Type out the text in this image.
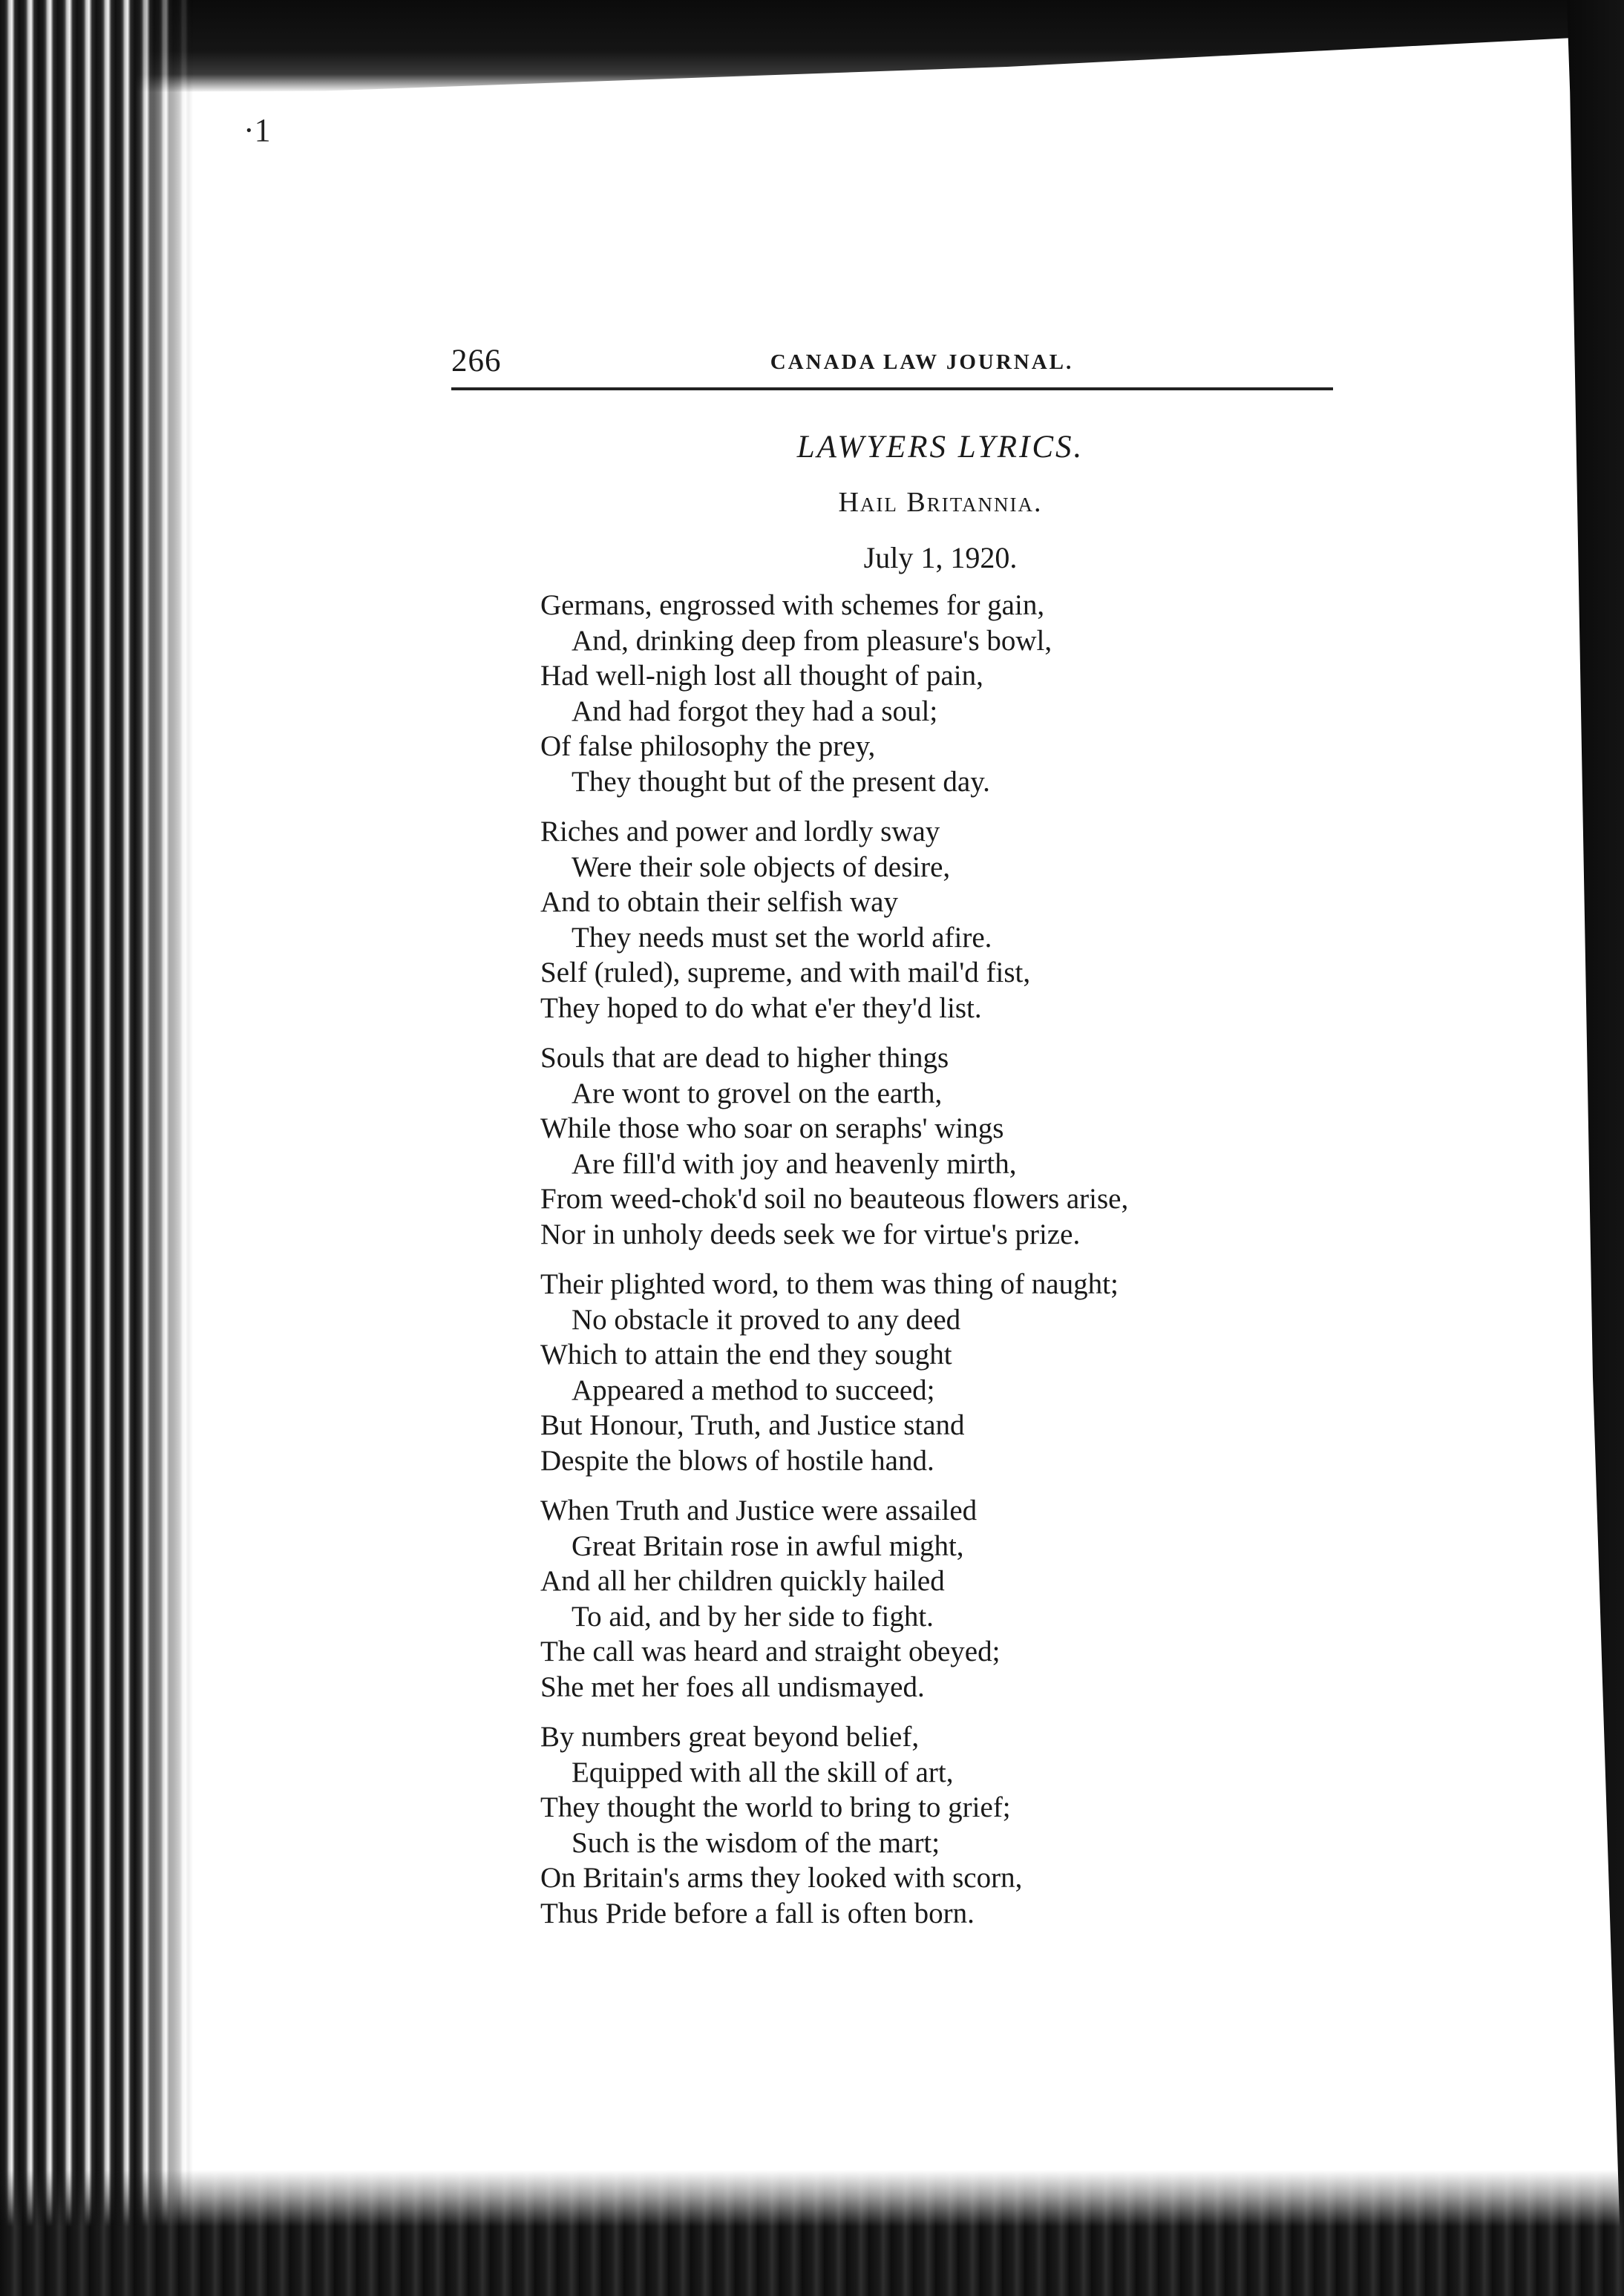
·1
266	CANADA LAW JOURNAL.
LAWYERS LYRICS.
Hail Britannia.
July 1, 1920.
Germans, engrossed with schemes for gain,
And, drinking deep from pleasure's bowl,
Had well-nigh lost all thought of pain,
And had forgot they had a soul;
Of false philosophy the prey,
They thought but of the present day.
Riches and power and lordly sway
Were their sole objects of desire,
And to obtain their selfish way
They needs must set the world afire.
Self (ruled), supreme, and with mail'd fist,
They hoped to do what e'er they'd list.
Souls that are dead to higher things
Are wont to grovel on the earth,
While those who soar on seraphs' wings
Are fill'd with joy and heavenly mirth,
From weed-chok'd soil no beauteous flowers arise,
Nor in unholy deeds seek we for virtue's prize.
Their plighted word, to them was thing of naught;
No obstacle it proved to any deed
Which to attain the end they sought
Appeared a method to succeed;
But Honour, Truth, and Justice stand
Despite the blows of hostile hand.
When Truth and Justice were assailed
Great Britain rose in awful might,
And all her children quickly hailed
To aid, and by her side to fight.
The call was heard and straight obeyed;
She met her foes all undismayed.
By numbers great beyond belief,
Equipped with all the skill of art,
They thought the world to bring to grief;
Such is the wisdom of the mart;
On Britain's arms they looked with scorn,
Thus Pride before a fall is often born.
